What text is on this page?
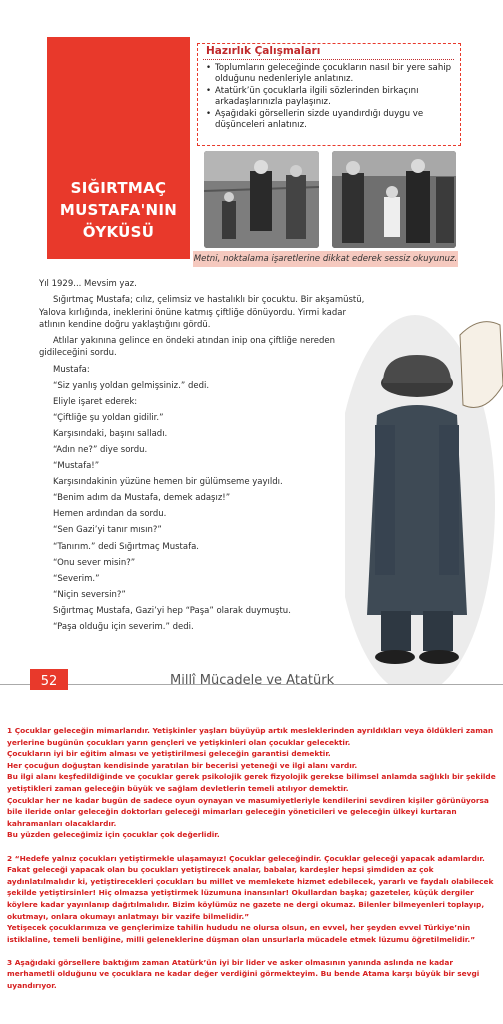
SIĞIRTMAÇ
MUSTAFA'NIN
ÖYKÜSÜ
Hazırlık Çalışmaları
• Toplumların geleceğinde çocukların nasıl bir yere sahip olduğunu nedenleriyle anlatınız.
• Atatürk’ün çocuklarla ilgili sözlerinden birkaçını arkadaşlarınızla paylaşınız.
• Aşağıdaki görsellerin sizde uyandırdığı duygu ve düşünceleri anlatınız.
Metni, noktalama işaretlerine dikkat ederek sessiz okuyunuz.

Yıl 1929... Mevsim yaz.

Sığırtmaç Mustafa; cılız, çelimsiz ve hastalıklı bir çocuktu. Bir akşamüstü, Yalova kırlığında, ineklerini önüne katmış çiftliğe dönüyordu. Yirmi kadar atlının kendine doğru yaklaştığını gördü.

Atlılar yakınına gelince en öndeki atından inip ona çiftliğe nereden gidileceğini sordu.

Mustafa:

“Siz yanlış yoldan gelmişsiniz.” dedi.

Eliyle işaret ederek:

“Çiftliğe şu yoldan gidilir.”

Karşısındaki, başını salladı.

“Adın ne?” diye sordu.

“Mustafa!”

Karşısındakinin yüzüne hemen bir gülümseme yayıldı.

“Benim adım da Mustafa, demek adaşız!”

Hemen ardından da sordu.

“Sen Gazi’yi tanır mısın?”

“Tanırım.” dedi Sığırtmaç Mustafa.

“Onu sever misin?”

“Severim.”

“Niçin seversin?”

Sığırtmaç Mustafa, Gazi’yi hep “Paşa” olarak duymuştu.

“Paşa olduğu için severim.” dedi.

52	Millî Mücadele ve Atatürk

1 Çocuklar geleceğin mimarlarıdır. Yetişkinler yaşları büyüyüp artık mesleklerinden ayrıldıkları veya öldükleri zaman yerlerine bugünün çocukları yarın gençleri ve yetişkinleri olan çocuklar gelecektir.

Çocukların iyi bir eğitim alması ve yetiştirilmesi geleceğin garantisi demektir.

Her çocuğun doğuştan kendisinde yaratılan bir becerisi yeteneği ve ilgi alanı vardır.

Bu ilgi alanı keşfedildiğinde ve çocuklar gerek psikolojik gerek fizyolojik gerekse bilimsel anlamda sağlıklı bir şekilde yetiştikleri zaman geleceğin büyük ve sağlam devletlerin temeli atılıyor demektir.

Çocuklar her ne kadar bugün de sadece oyun oynayan ve masumiyetleriyle kendilerini sevdiren kişiler görünüyorsa bile ileride onlar geleceğin doktorları geleceği mimarları geleceğin yöneticileri ve geleceğin ülkeyi kurtaran kahramanları olacaklardır.

Bu yüzden geleceğimiz için çocuklar çok değerlidir.

2 “Hedefe yalnız çocukları yetiştirmekle ulaşamayız! Çocuklar geleceğindir. Çocuklar geleceği yapacak adamlardır. Fakat geleceği yapacak olan bu çocukları yetiştirecek analar, babalar, kardeşler hepsi şimdiden az çok aydınlatılmalıdır ki, yetiştirecekleri çocukları bu millet ve memlekete hizmet edebilecek, yararlı ve faydalı olabilecek şekilde yetiştirsinler! Hiç olmazsa yetiştirmek lüzumuna inansınlar! Okullardan başka; gazeteler, küçük dergiler köylere kadar yayınlanıp dağıtılmalıdır. Bizim köylümüz ne gazete ne dergi okumaz. Bilenler bilmeyenleri toplayıp, okutmayı, onlara okumayı anlatmayı bir vazife bilmelidir.”

Yetişecek çocuklarımıza ve gençlerimize tahilin hududu ne olursa olsun, en evvel, her şeyden evvel Türkiye’nin istiklaline, temeli benliğine, milli geleneklerine düşman olan unsurlarla mücadele etmek lüzumu öğretilmelidir.”

3 Aşağıdaki görsellere baktığım zaman Atatürk’ün iyi bir lider ve asker olmasının yanında aslında ne kadar merhametli olduğunu ve çocuklara ne kadar değer verdiğini görmekteyim. Bu bende Atama karşı büyük bir sevgi uyandırıyor.
